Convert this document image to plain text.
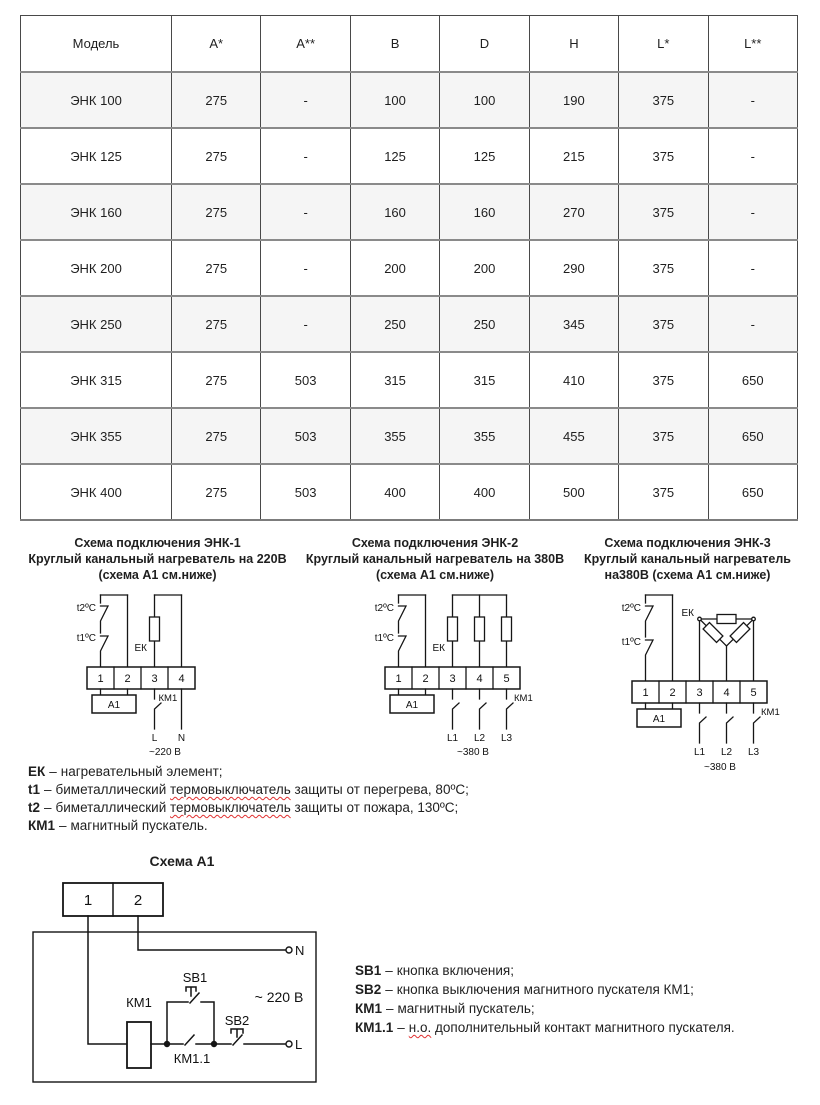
Модель	A*	A**	B	D	H	L*	L**
ЭНК 100	275	-	100	100	190	375	-
ЭНК 125	275	-	125	125	215	375	-
ЭНК 160	275	-	160	160	270	375	-
ЭНК 200	275	-	200	200	290	375	-
ЭНК 250	275	-	250	250	345	375	-
ЭНК 315	275	503	315	315	410	375	650
ЭНК 355	275	503	355	355	455	375	650
ЭНК 400	275	503	400	400	500	375	650
Схема подключения ЭНК-1
Круглый канальный нагреватель на 220В
(схема А1 см.ниже)
t2ºC
t1ºC
ЕК
1 2 3 4
А1
КМ1
L N
~220 В
Схема подключения ЭНК-2
Круглый канальный нагреватель на 380В
(схема А1 см.ниже)
t2ºC
t1ºC
ЕК
1 2 3 4 5
А1
КМ1
L1 L2 L3
~380 В
Схема подключения ЭНК-3
Круглый канальный нагреватель
на380В (схема А1 см.ниже)
t2ºC
t1ºC
ЕК
1 2 3 4 5
А1
КМ1
L1 L2 L3
~380 В
ЕК – нагревательный элемент;
t1 – биметаллический термовыключатель защиты от перегрева, 80ºС;
t2 – биметаллический термовыключатель защиты от пожара, 130ºС;
КМ1 – магнитный пускатель.
Схема А1
1	2
N
L
КМ1
КМ1.1
SB1
SB2
~ 220 В
SB1 – кнопка включения;
SB2 – кнопка выключения магнитного пускателя КМ1;
КМ1 – магнитный пускатель;
КМ1.1 – н.о. дополнительный контакт магнитного пускателя.
